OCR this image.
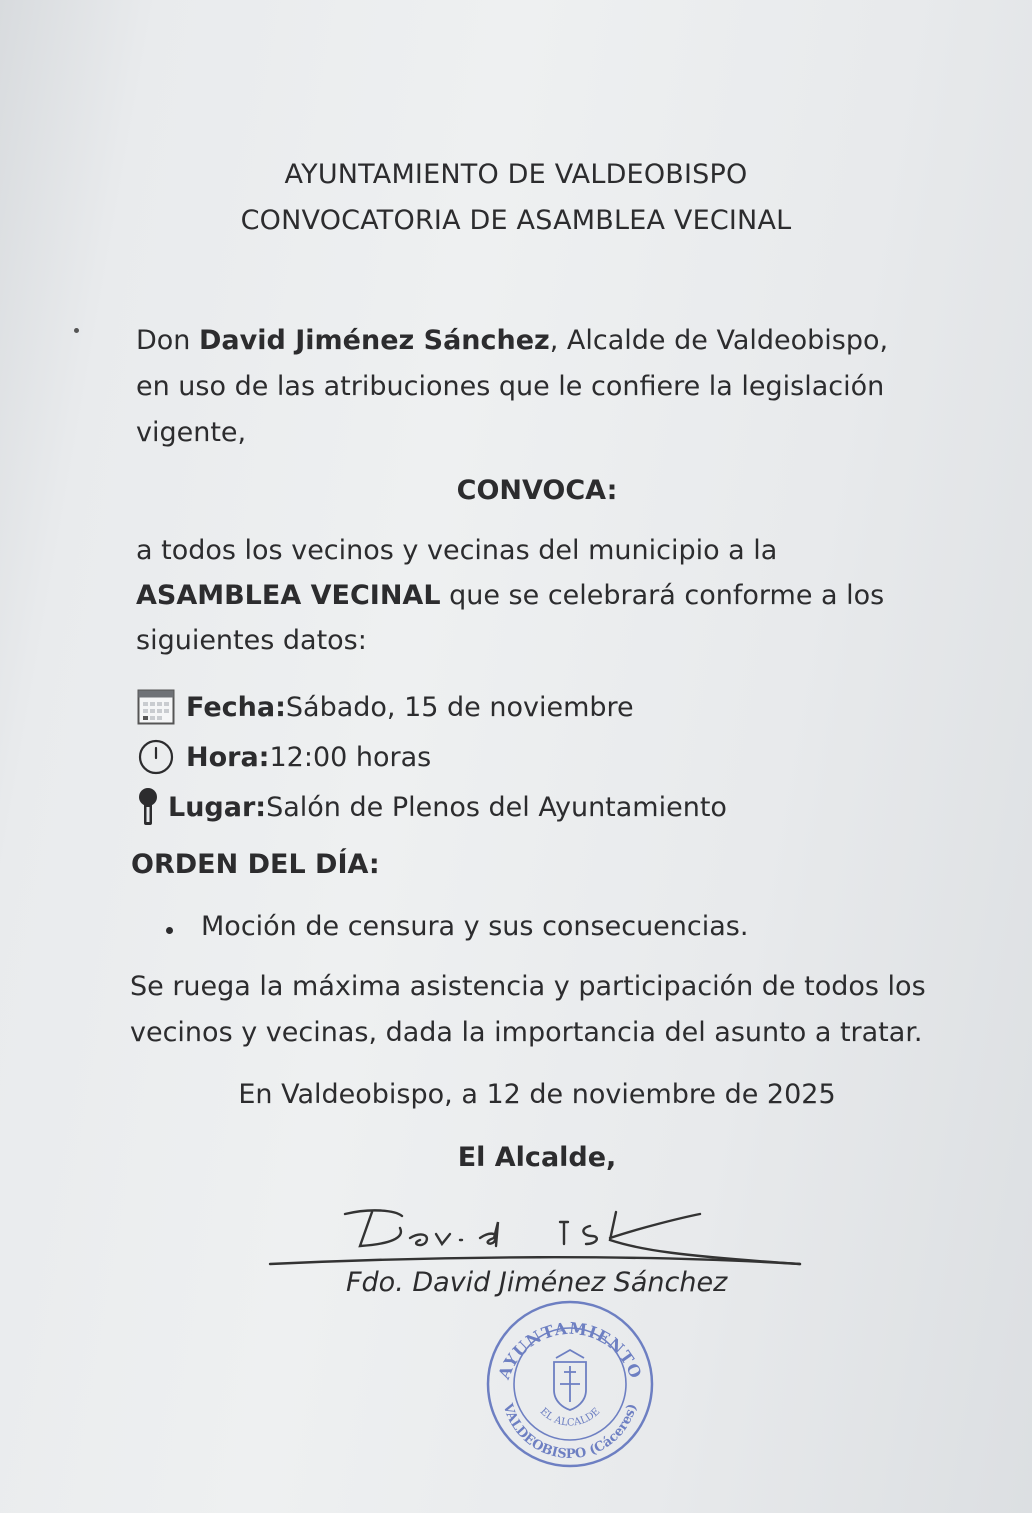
AYUNTAMIENTO DE VALDEOBISPO
CONVOCATORIA DE ASAMBLEA VECINAL
Don David Jiménez Sánchez, Alcalde de Valdeobispo, en uso de las atribuciones que le confiere la legislación vigente,
CONVOCA:
a todos los vecinos y vecinas del municipio a la ASAMBLEA VECINAL que se celebrará conforme a los siguientes datos:
Fecha: Sábado, 15 de noviembre
Hora: 12:00 horas
Lugar: Salón de Plenos del Ayuntamiento
ORDEN DEL DÍA:
Moción de censura y sus consecuencias.
Se ruega la máxima asistencia y participación de todos los vecinos y vecinas, dada la importancia del asunto a tratar.
En Valdeobispo, a 12 de noviembre de 2025
El Alcalde,
Fdo. David Jiménez Sánchez
AYUNTAMIENTO
VALDEOBISPO (Cáceres)
EL ALCALDE
